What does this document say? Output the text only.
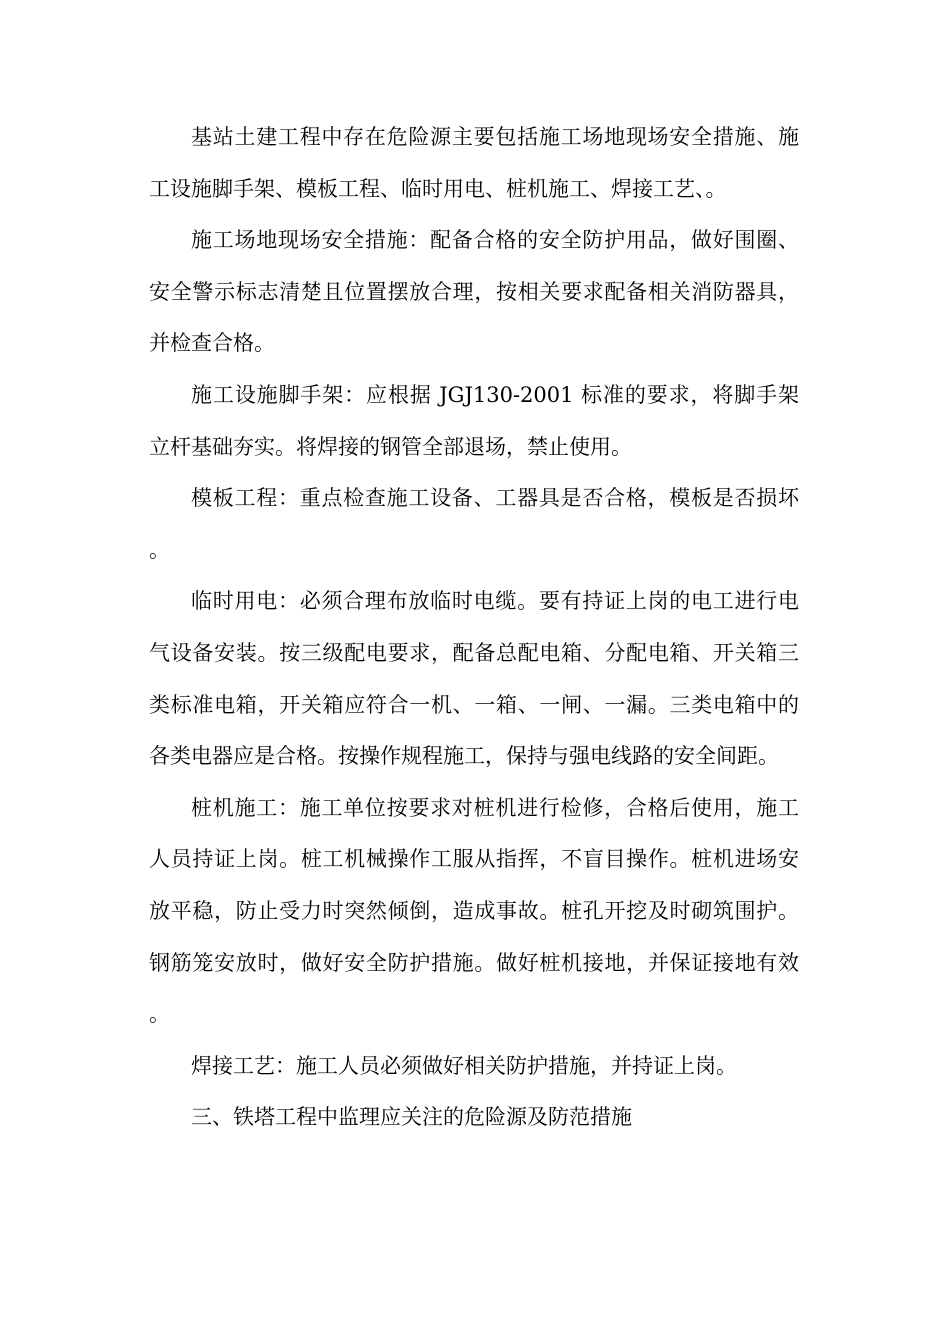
基站土建工程中存在危险源主要包括施工场地现场安全措施、施工设施脚手架、模板工程、临时用电、桩机施工、焊接工艺、。

施工场地现场安全措施：配备合格的安全防护用品，做好围圈、安全警示标志清楚且位置摆放合理，按相关要求配备相关消防器具，并检查合格。

施工设施脚手架：应根据 JGJ130-2001 标准的要求，将脚手架立杆基础夯实。将焊接的钢管全部退场，禁止使用。

模板工程：重点检查施工设备、工器具是否合格，模板是否损坏。

临时用电：必须合理布放临时电缆。要有持证上岗的电工进行电气设备安装。按三级配电要求，配备总配电箱、分配电箱、开关箱三类标准电箱，开关箱应符合一机、一箱、一闸、一漏。三类电箱中的各类电器应是合格。按操作规程施工，保持与强电线路的安全间距。

桩机施工：施工单位按要求对桩机进行检修，合格后使用，施工人员持证上岗。桩工机械操作工服从指挥，不盲目操作。桩机进场安放平稳，防止受力时突然倾倒，造成事故。桩孔开挖及时砌筑围护。钢筋笼安放时，做好安全防护措施。做好桩机接地，并保证接地有效。

焊接工艺：施工人员必须做好相关防护措施，并持证上岗。

三、铁塔工程中监理应关注的危险源及防范措施
